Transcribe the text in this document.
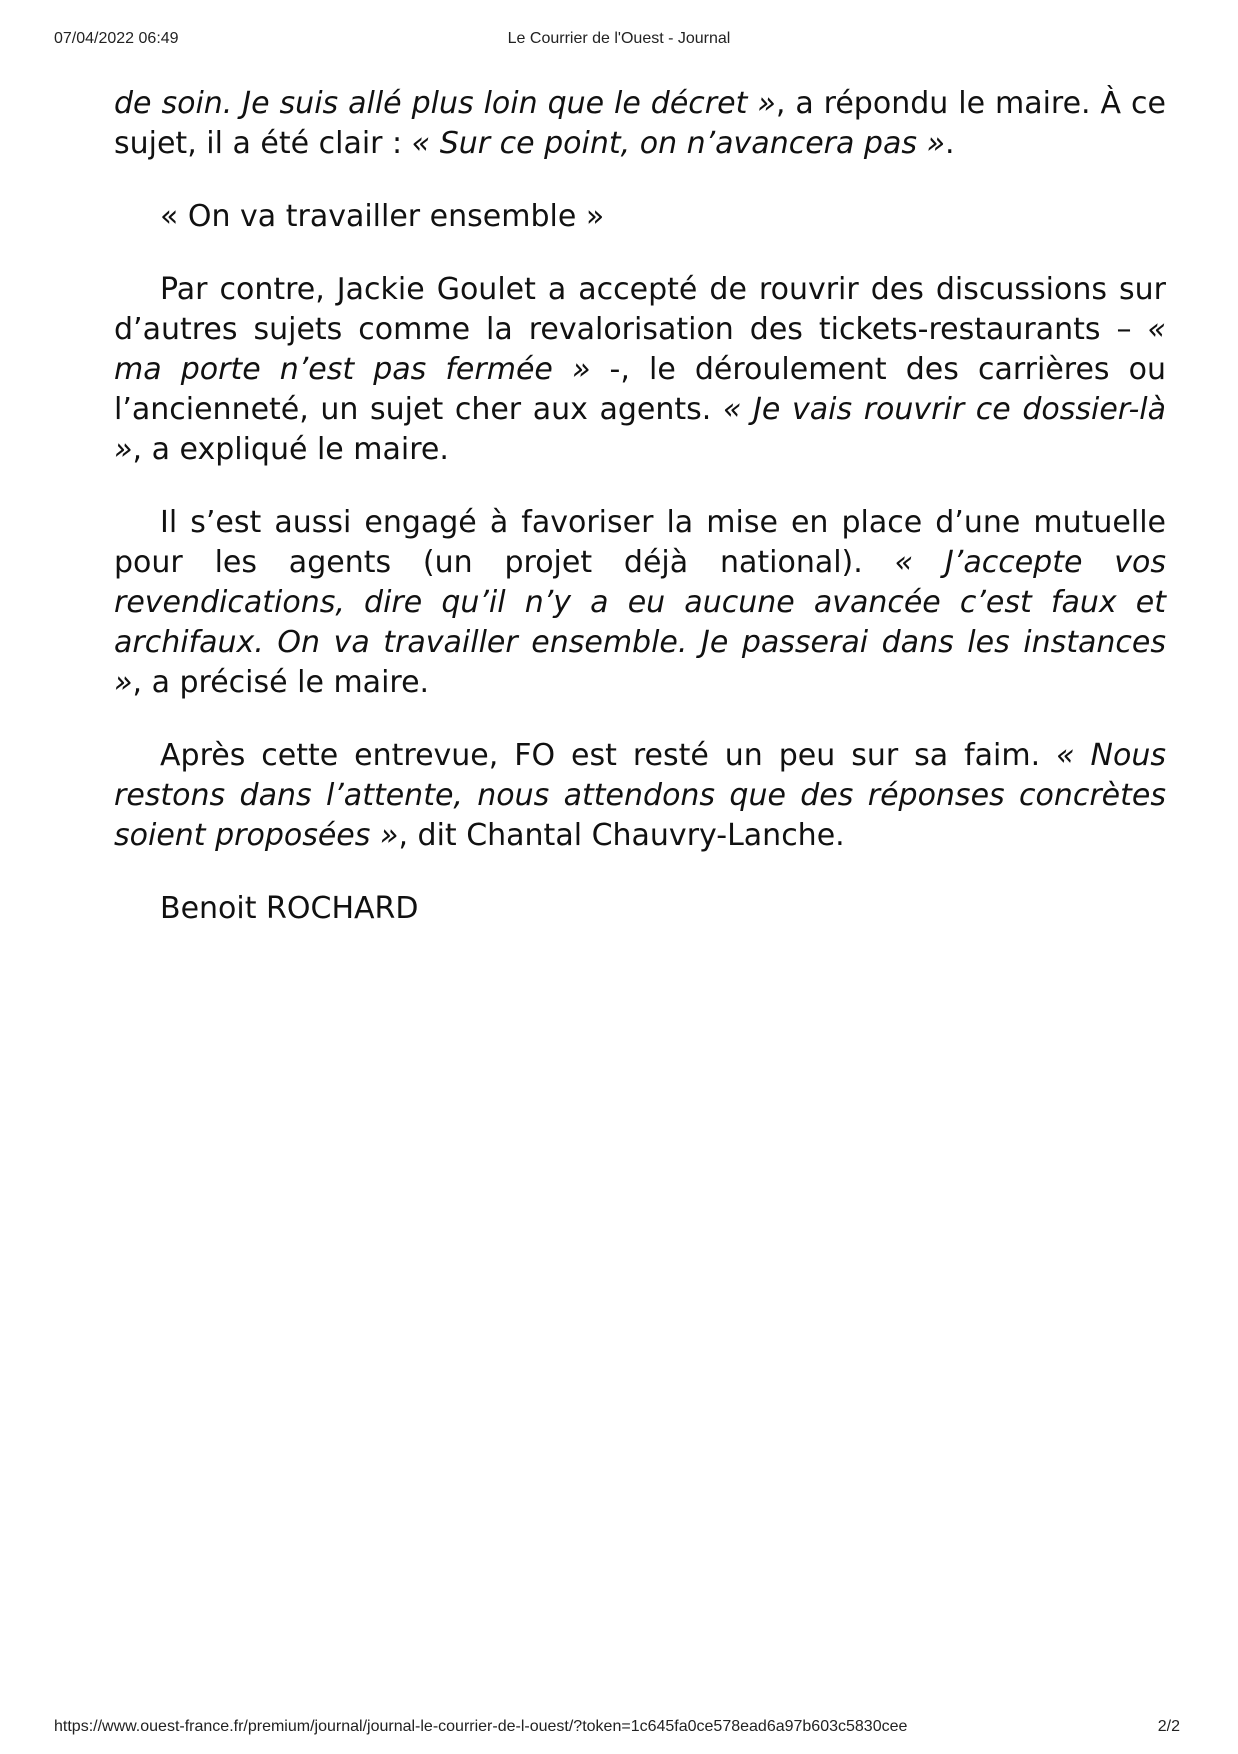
07/04/2022 06:49	Le Courrier de l'Ouest - Journal

de soin. Je suis allé plus loin que le décret », a répondu le maire. À ce sujet, il a été clair : « Sur ce point, on n’avancera pas ».

« On va travailler ensemble »

Par contre, Jackie Goulet a accepté de rouvrir des discussions sur d’autres sujets comme la revalorisation des tickets-restaurants – « ma porte n’est pas fermée » -, le déroulement des carrières ou l’ancienneté, un sujet cher aux agents. « Je vais rouvrir ce dossier-là », a expliqué le maire.

Il s’est aussi engagé à favoriser la mise en place d’une mutuelle pour les agents (un projet déjà national). « J’accepte vos revendications, dire qu’il n’y a eu aucune avancée c’est faux et archifaux. On va travailler ensemble. Je passerai dans les instances », a précisé le maire.

Après cette entrevue, FO est resté un peu sur sa faim. « Nous restons dans l’attente, nous attendons que des réponses concrètes soient proposées », dit Chantal Chauvry-Lanche.

Benoit ROCHARD

https://www.ouest-france.fr/premium/journal/journal-le-courrier-de-l-ouest/?token=1c645fa0ce578ead6a97b603c5830cee	2/2
